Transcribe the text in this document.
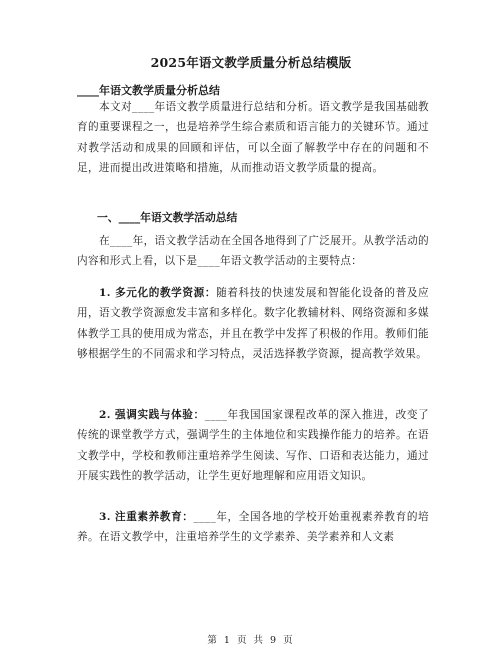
2025年语文教学质量分析总结模版
____年语文教学质量分析总结

本文对____年语文教学质量进行总结和分析。语文教学是我国基础教育的重要课程之一，也是培养学生综合素质和语言能力的关键环节。通过对教学活动和成果的回顾和评估，可以全面了解教学中存在的问题和不足，进而提出改进策略和措施，从而推动语文教学质量的提高。

一、____年语文教学活动总结

在____年，语文教学活动在全国各地得到了广泛展开。从教学活动的内容和形式上看，以下是____年语文教学活动的主要特点：

1. 多元化的教学资源：随着科技的快速发展和智能化设备的普及应用，语文教学资源愈发丰富和多样化。数字化教辅材料、网络资源和多媒体教学工具的使用成为常态，并且在教学中发挥了积极的作用。教师们能够根据学生的不同需求和学习特点，灵活选择教学资源，提高教学效果。

2. 强调实践与体验：____年我国国家课程改革的深入推进，改变了传统的课堂教学方式，强调学生的主体地位和实践操作能力的培养。在语文教学中，学校和教师注重培养学生阅读、写作、口语和表达能力，通过开展实践性的教学活动，让学生更好地理解和应用语文知识。

3. 注重素养教育：____年，全国各地的学校开始重视素养教育的培养。在语文教学中，注重培养学生的文学素养、美学素养和人文素

第 1 页 共 9 页
